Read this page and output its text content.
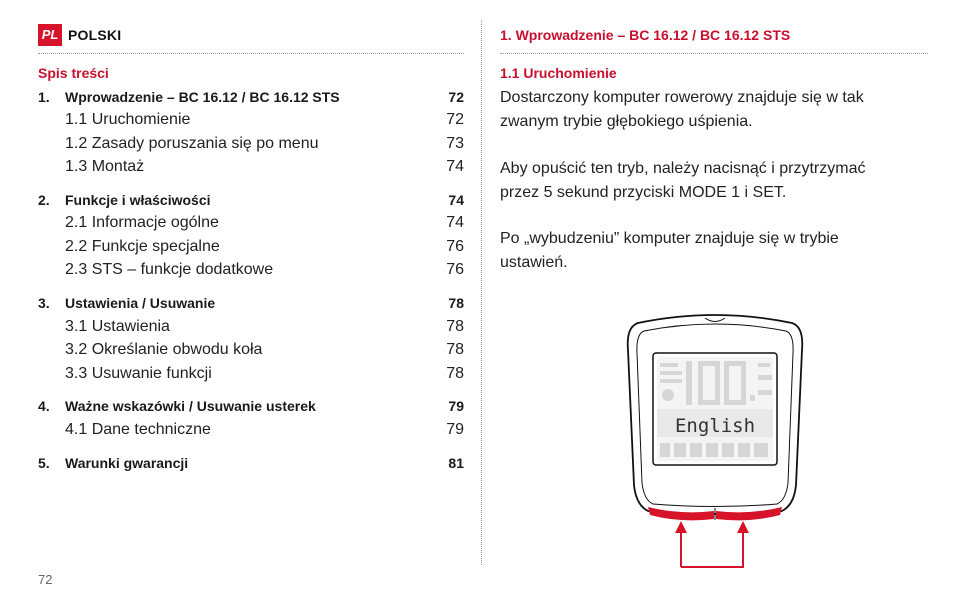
PL POLSKI	1. Wprowadzenie – BC 16.12 / BC 16.12 STS
Spis treści
1. Wprowadzenie – BC 16.12 / BC 16.12 STS	72
1.1 Uruchomienie	72
1.2 Zasady poruszania się po menu	73
1.3 Montaż	74
2. Funkcje i właściwości	74
2.1 Informacje ogólne	74
2.2 Funkcje specjalne	76
2.3 STS – funkcje dodatkowe	76
3. Ustawienia / Usuwanie	78
3.1 Ustawienia	78
3.2 Określanie obwodu koła	78
3.3 Usuwanie funkcji	78
4. Ważne wskazówki / Usuwanie usterek	79
4.1 Dane techniczne	79
5. Warunki gwarancji	81
1.1 Uruchomienie
Dostarczony komputer rowerowy znajduje się w tak
zwanym trybie głębokiego uśpienia.
Aby opuścić ten tryb, należy nacisnąć i przytrzymać
przez 5 sekund przyciski MODE 1 i SET.
Po „wybudzeniu” komputer znajduje się w trybie
ustawień.
English
72
